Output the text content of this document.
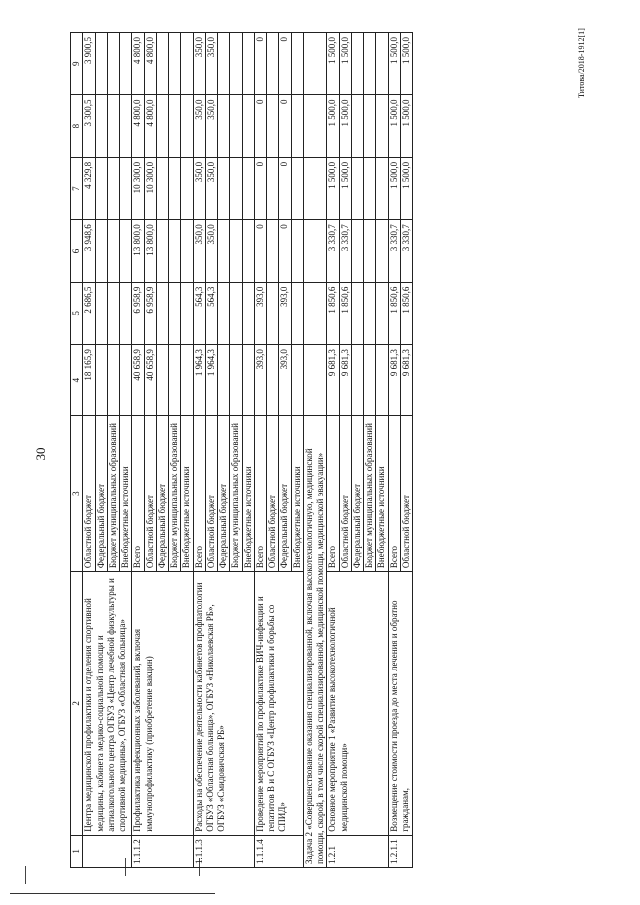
30
Титова/2018-1912[1]
1	2	3	4	5	6	7	8	9
	Центра медицинской профилактики и отделения спортивной медицины, кабинета медико-социальной помощи и антиалкогольного центра ОГБУЗ «Центр лечебной физкультуры и спортивной медицины», ОГБУЗ «Областная больница»	Областной бюджет	18 165,9	2 686,5	3 948,6	4 329,8	3 300,5	3 900,5
		Федеральный бюджет						
		Бюджет муниципальных образований						
		Внебюджетные источники						
1.1.1.2	Профилактика инфекционных заболеваний, включая иммунопрофилактику (приобретение вакцин)	Всего	40 658,9	6 958,9	13 800,0	10 300,0	4 800,0	4 800,0
		Областной бюджет	40 658,9	6 958,9	13 800,0	10 300,0	4 800,0	4 800,0
		Федеральный бюджет						
		Бюджет муниципальных образований						
		Внебюджетные источники						
1.1.1.3	Расходы на обеспечение деятельности кабинетов профпатологии ОГБУЗ «Областная больница», ОГБУЗ «Николаевская РБ», ОГБУЗ «Смидовичская РБ»	Всего	1 964,3	564,3	350,0	350,0	350,0	350,0
		Областной бюджет	1 964,3	564,3	350,0	350,0	350,0	350,0
		Федеральный бюджет						
		Бюджет муниципальных образований						
		Внебюджетные источники						
1.1.1.4	Проведение мероприятий по профилактике ВИЧ-инфекции и гепатитов В и С ОГБУЗ «Центр профилактики и борьбы со СПИД»	Всего	393,0	393,0	0	0	0	0
		Областной бюджет						
		Федеральный бюджет	393,0	393,0	0	0	0	0
		Внебюджетные источники						
Задача 2 «Совершенствование оказания специализированной, включая высокотехнологичную, медицинской помощи, скорой, в том числе скорой специализированной, медицинской помощи, медицинской эвакуации»								
1.2.1	Основное мероприятие 1 «Развитие высокотехнологичной медицинской помощи»	Всего	9 681,3	1 850,6	3 330,7	1 500,0	1 500,0	1 500,0
		Областной бюджет	9 681,3	1 850,6	3 330,7	1 500,0	1 500,0	1 500,0
		Федеральный бюджет						
		Бюджет муниципальных образований						
		Внебюджетные источники						
1.2.1.1	Возмещение стоимости проезда до места лечения и обратно гражданам,	Всего	9 681,3	1 850,6	3 330,7	1 500,0	1 500,0	1 500,0
		Областной бюджет	9 681,3	1 850,6	3 330,7	1 500,0	1 500,0	1 500,0
